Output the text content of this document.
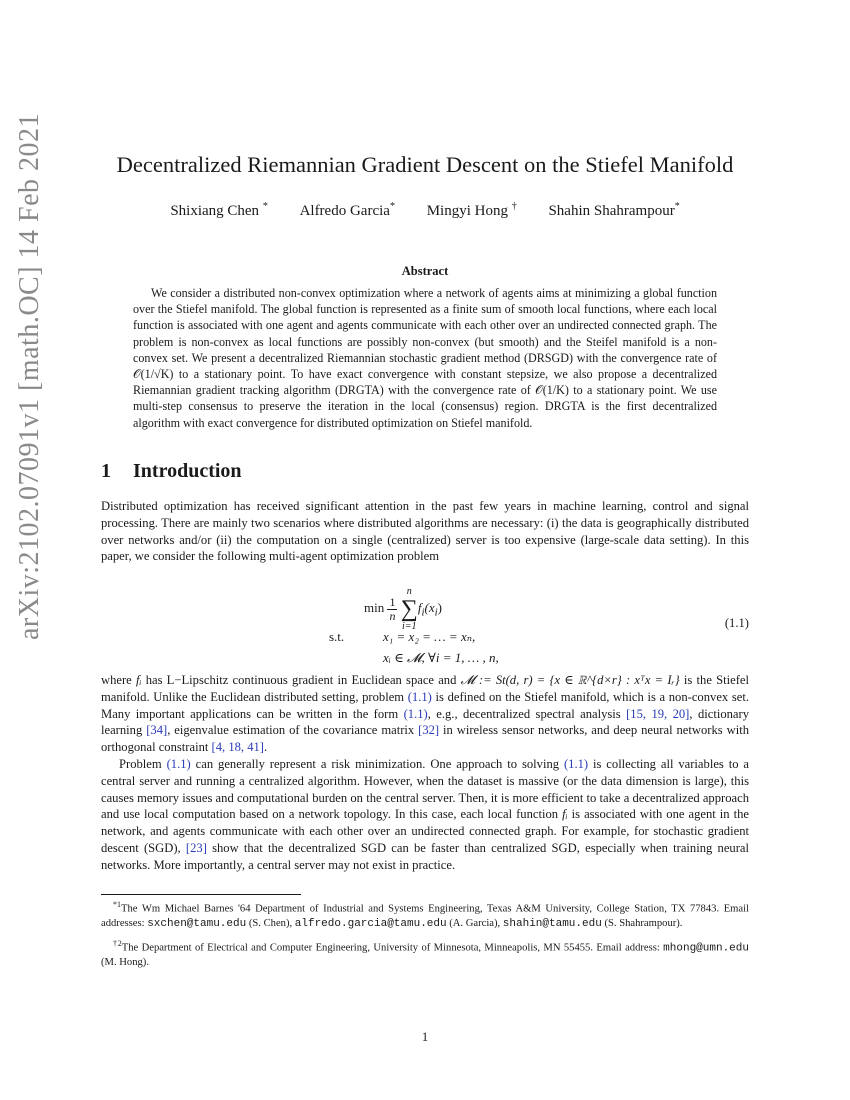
arXiv:2102.07091v1 [math.OC] 14 Feb 2021	Decentralized Riemannian Gradient Descent on the Stiefel Manifold
Shixiang Chen * Alfredo Garcia* Mingyi Hong † Shahin Shahrampour*
Abstract

We consider a distributed non-convex optimization where a network of agents aims at minimizing a global function over the Stiefel manifold. The global function is represented as a finite sum of smooth local functions, where each local function is associated with one agent and agents communicate with each other over an undirected connected graph. The problem is non-convex as local functions are possibly non-convex (but smooth) and the Steifel manifold is a non-convex set. We present a decentralized Riemannian stochastic gradient method (DRSGD) with the convergence rate of 𝒪(1/√K) to a stationary point. To have exact convergence with constant stepsize, we also propose a decentralized Riemannian gradient tracking algorithm (DRGTA) with the convergence rate of 𝒪(1/K) to a stationary point. We use multi-step consensus to preserve the iteration in the local (consensus) region. DRGTA is the first decentralized algorithm with exact convergence for distributed optimization on Stiefel manifold.

1 Introduction

Distributed optimization has received significant attention in the past few years in machine learning, control and signal processing. There are mainly two scenarios where distributed algorithms are necessary: (i) the data is geographically distributed over networks and/or (ii) the computation on a single (centralized) server is too expensive (large-scale data setting). In this paper, we consider the following multi-agent optimization problem

$\min \frac{1}{n}$ n
∑
$i=1f_i(x_i)$
s.t.	x₁ = x₂ = … = xₙ,
xᵢ ∈ 𝓜, ∀i = 1, … , n,
(1.1)

where fᵢ has L−Lipschitz continuous gradient in Euclidean space and 𝓜 := St(d, r) = {x ∈ ℝ^{d×r} : xᵀx = Iᵣ} is the Stiefel manifold. Unlike the Euclidean distributed setting, problem (1.1) is defined on the Stiefel manifold, which is a non-convex set. Many important applications can be written in the form (1.1), e.g., decentralized spectral analysis [15, 19, 20], dictionary learning [34], eigenvalue estimation of the covariance matrix [32] in wireless sensor networks, and deep neural networks with orthogonal constraint [4, 18, 41].

Problem (1.1) can generally represent a risk minimization. One approach to solving (1.1) is collecting all variables to a central server and running a centralized algorithm. However, when the dataset is massive (or the data dimension is large), this causes memory issues and computational burden on the central server. Then, it is more efficient to take a decentralized approach and use local computation based on a network topology. In this case, each local function fᵢ is associated with one agent in the network, and agents communicate with each other over an undirected connected graph. For example, for stochastic gradient descent (SGD), [23] show that the decentralized SGD can be faster than centralized SGD, especially when training neural networks. More importantly, a central server may not exist in practice.

$^{*1}$The Wm Michael Barnes '64 Department of Industrial and Systems Engineering, Texas A&M University, College Station, TX 77843. Email addresses: sxchen@tamu.edu (S. Chen), alfredo.garcia@tamu.edu (A. Garcia), shahin@tamu.edu (S. Shahrampour).

$^{\dagger 2}$The Department of Electrical and Computer Engineering, University of Minnesota, Minneapolis, MN 55455. Email address: mhong@umn.edu (M. Hong).

1
